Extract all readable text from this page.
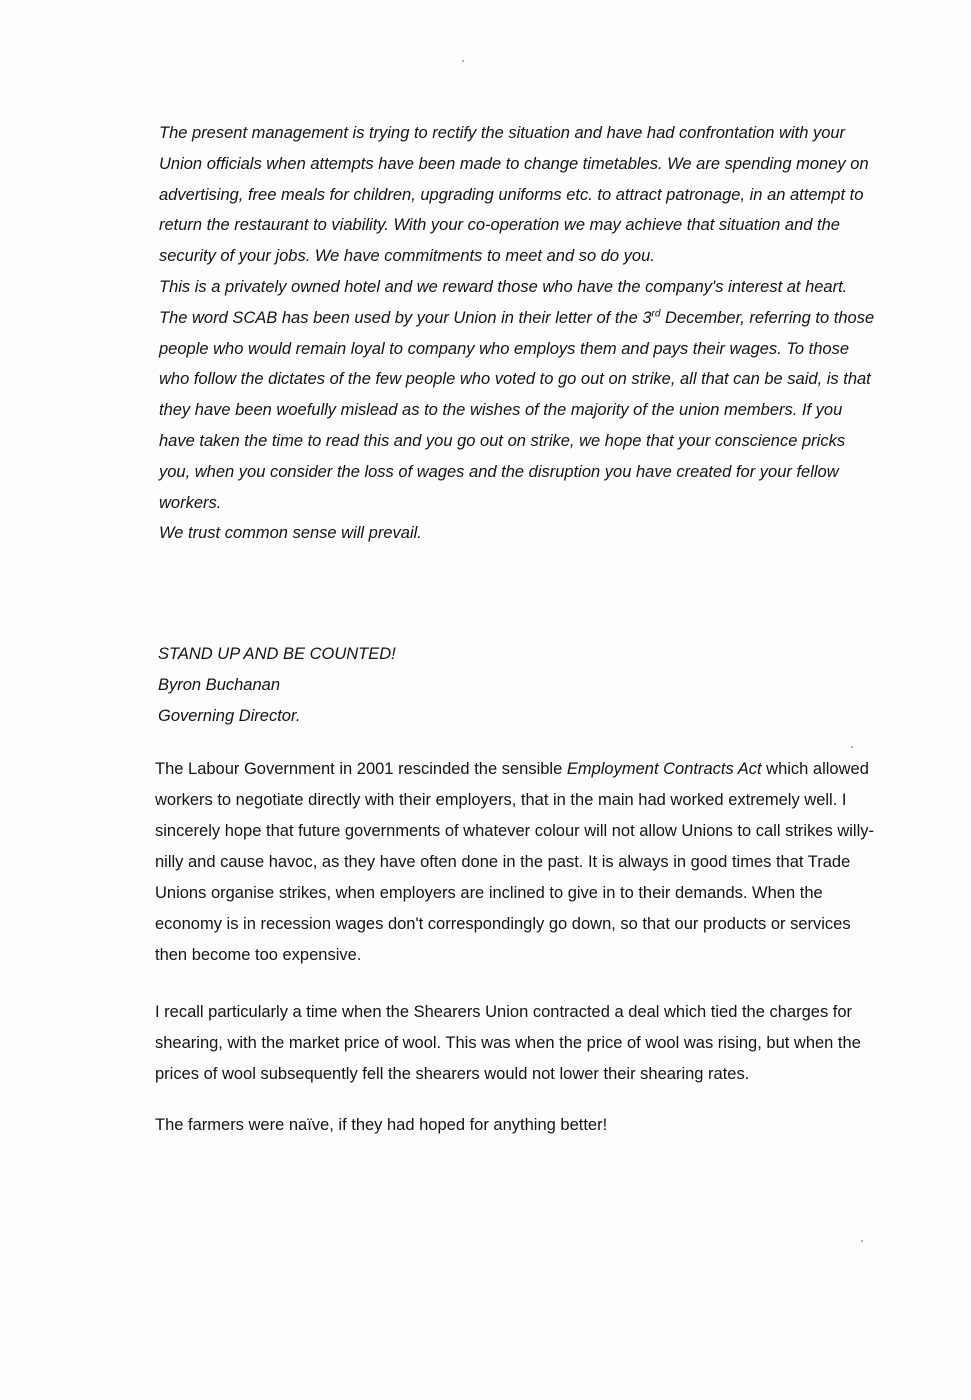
The present management is trying to rectify the situation and have had confrontation with your Union officials when attempts have been made to change timetables. We are spending money on advertising, free meals for children, upgrading uniforms etc. to attract patronage, in an attempt to return the restaurant to viability. With your co-operation we may achieve that situation and the security of your jobs. We have commitments to meet and so do you.

This is a privately owned hotel and we reward those who have the company's interest at heart. The word SCAB has been used by your Union in their letter of the 3rd December, referring to those people who would remain loyal to company who employs them and pays their wages. To those who follow the dictates of the few people who voted to go out on strike, all that can be said, is that they have been woefully mislead as to the wishes of the majority of the union members. If you have taken the time to read this and you go out on strike, we hope that your conscience pricks you, when you consider the loss of wages and the disruption you have created for your fellow workers.

We trust common sense will prevail.

STAND UP AND BE COUNTED!
Byron Buchanan
Governing Director.

The Labour Government in 2001 rescinded the sensible Employment Contracts Act which allowed workers to negotiate directly with their employers, that in the main had worked extremely well. I sincerely hope that future governments of whatever colour will not allow Unions to call strikes willy-nilly and cause havoc, as they have often done in the past. It is always in good times that Trade Unions organise strikes, when employers are inclined to give in to their demands. When the economy is in recession wages don't correspondingly go down, so that our products or services then become too expensive.

I recall particularly a time when the Shearers Union contracted a deal which tied the charges for shearing, with the market price of wool. This was when the price of wool was rising, but when the prices of wool subsequently fell the shearers would not lower their shearing rates.

The farmers were naïve, if they had hoped for anything better!
